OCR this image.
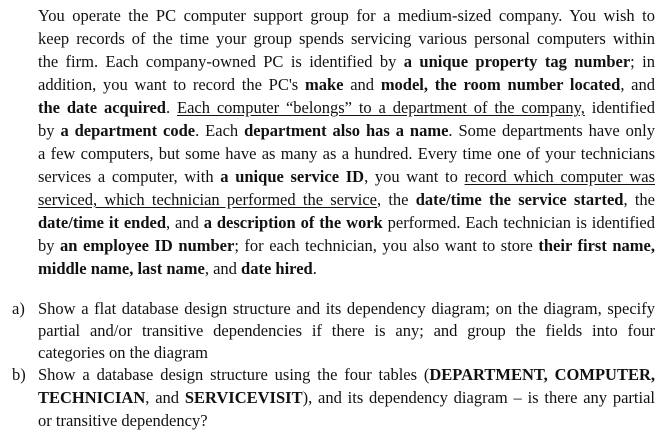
You operate the PC computer support group for a medium-sized company. You wish to
keep records of the time your group spends servicing various personal computers within
the firm. Each company-owned PC is identified by a unique property tag number; in
addition, you want to record the PC's make and model, the room number located, and
the date acquired. Each computer “belongs” to a department of the company, identified
by a department code. Each department also has a name. Some departments have only
a few computers, but some have as many as a hundred. Every time one of your technicians
services a computer, with a unique service ID, you want to record which computer was
serviced, which technician performed the service, the date/time the service started, the
date/time it ended, and a description of the work performed. Each technician is identified
by an employee ID number; for each technician, you also want to store their first name,
middle name, last name, and date hired.
a) Show a flat database design structure and its dependency diagram; on the diagram, specify
partial and/or transitive dependencies if there is any; and group the fields into four
categories on the diagram
b) Show a database design structure using the four tables (DEPARTMENT, COMPUTER,
TECHNICIAN, and SERVICEVISIT), and its dependency diagram – is there any partial
or transitive dependency?
